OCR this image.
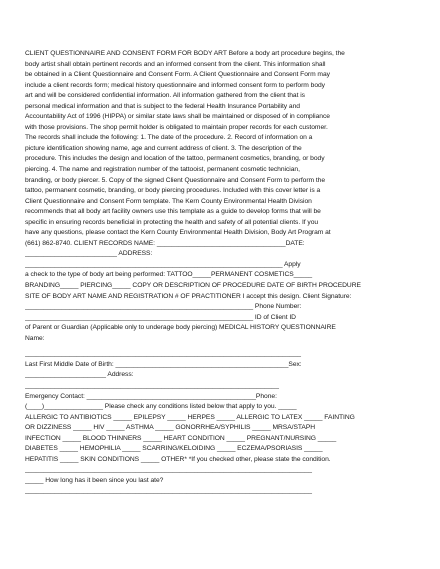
CLIENT QUESTIONNAIRE AND CONSENT FORM FOR BODY ART Before a body art procedure begins, the
body artist shall obtain pertinent records and an informed consent from the client. This information shall
be obtained in a Client Questionnaire and Consent Form. A Client Questionnaire and Consent Form may
include a client records form; medical history questionnaire and informed consent form to perform body
art and will be considered confidential information. All information gathered from the client that is
personal medical information and that is subject to the federal Health Insurance Portability and
Accountability Act of 1996 (HIPPA) or similar state laws shall be maintained or disposed of in compliance
with those provisions. The shop permit holder is obligated to maintain proper records for each customer.
The records shall include the following: 1. The date of the procedure. 2. Record of information on a
picture identification showing name, age and current address of client. 3. The description of the
procedure. This includes the design and location of the tattoo, permanent cosmetics, branding, or body
piercing. 4. The name and registration number of the tattooist, permanent cosmetic technician,
branding, or body piercer. 5. Copy of the signed Client Questionnaire and Consent Form to perform the
tattoo, permanent cosmetic, branding, or body piercing procedures. Included with this cover letter is a
Client Questionnaire and Consent Form template. The Kern County Environmental Health Division
recommends that all body art facility owners use this template as a guide to develop forms that will be
specific in ensuring records beneficial in protecting the health and safety of all potential clients. If you
have any questions, please contact the Kern County Environmental Health Division, Body Art Program at
(661) 862-8740. CLIENT RECORDS NAME: ___________________________________DATE:
_________________________ ADDRESS:
______________________________________________________________________ Apply
a check to the type of body art being performed: TATTOO_____PERMANENT COSMETICS_____
BRANDING_____ PIERCING_____ COPY OR DESCRIPTION OF PROCEDURE DATE OF BIRTH PROCEDURE
SITE OF BODY ART NAME AND REGISTRATION # OF PRACTITIONER I accept this design. Client Signature:
______________________________________________________________ Phone Number:
______________________________________________________________ ID of Client ID
of Parent or Guardian (Applicable only to underage body piercing) MEDICAL HISTORY QUESTIONNAIRE
Name:
___________________________________________________________________________
Last First Middle Date of Birth: _______________________________________________Sex:
______________________ Address:
_____________________________________________________________________
Emergency Contact: ______________________________________________Phone:
(____)________________ Please check any conditions listed below that apply to you. _____
ALLERGIC TO ANTIBIOTICS _____ EPILEPSY _____ HERPES _____ ALLERGIC TO LATEX _____ FAINTING
OR DIZZINESS _____ HIV _____ ASTHMA _____ GONORRHEA/SYPHILIS _____ MRSA/STAPH
INFECTION _____ BLOOD THINNERS _____ HEART CONDITION _____ PREGNANT/NURSING _____
DIABETES _____ HEMOPHILIA _____ SCARRING/KELOIDING _____ ECZEMA/PSORIASIS _____
HEPATITIS _____ SKIN CONDITIONS _____ OTHER* *If you checked other, please state the condition.
______________________________________________________________________________
_____ How long has it been since you last ate?
______________________________________________________________________________
